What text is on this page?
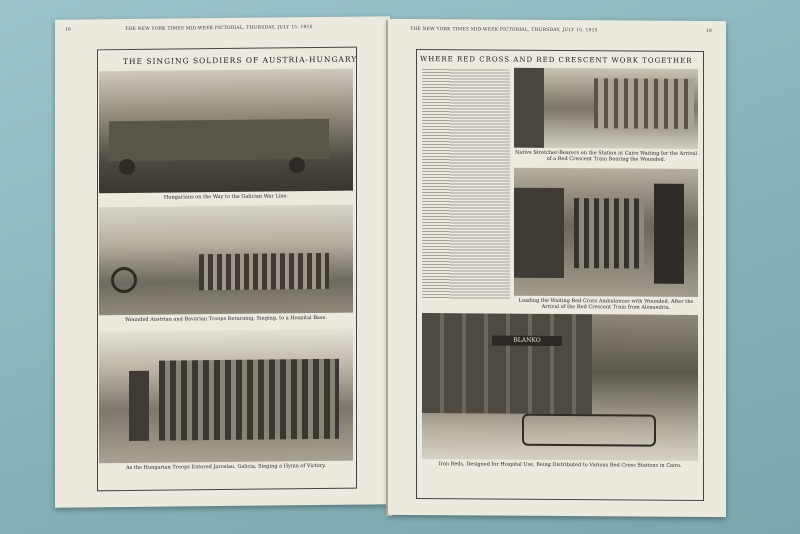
18	THE NEW YORK TIMES MID-WEEK PICTORIAL, THURSDAY, JULY 15, 1915
THE SINGING SOLDIERS OF AUSTRIA-HUNGARY
Hungarians on the Way to the Galician War Line.
Wounded Austrian and Bavarian Troops Returning, Singing, to a Hospital Base.
As the Hungarian Troops Entered Jaroslau, Galicia, Singing a Hymn of Victory.
THE NEW YORK TIMES MID-WEEK PICTORIAL, THURSDAY, JULY 15, 1915	19
WHERE RED CROSS AND RED CRESCENT WORK TOGETHER
Native Stretcher-Bearers on the Station at Cairo Waiting for the Arrival of a Red Crescent Train Bearing the Wounded.
Loading the Waiting Red Cross Ambulances with Wounded, After the Arrival of the Red Crescent Train from Alexandria.
BLANKO
Iron Beds, Designed for Hospital Use, Being Distributed to Various Red Cross Stations in Cairo.
